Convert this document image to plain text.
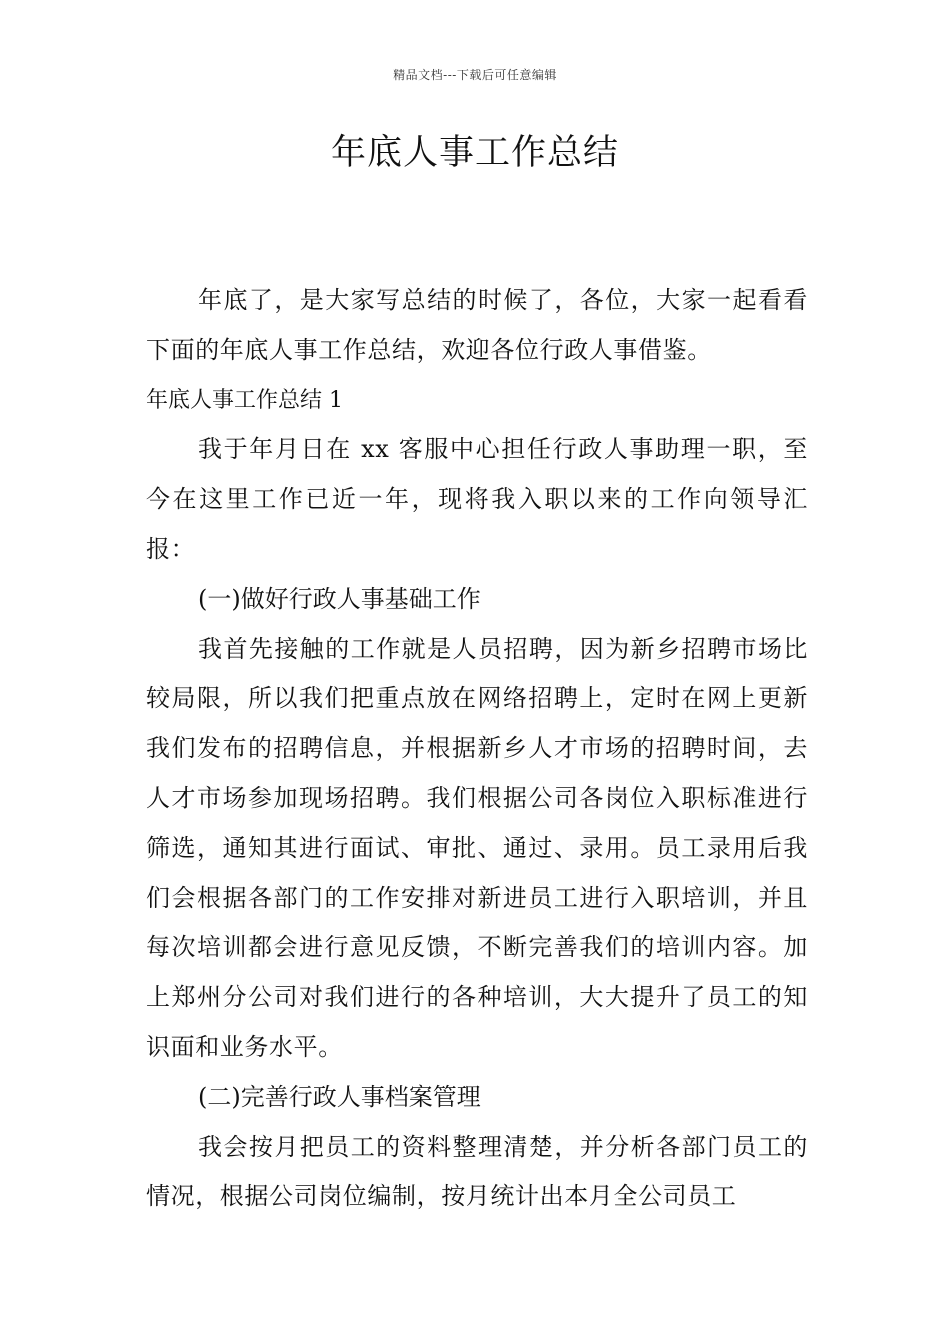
精品文档---下载后可任意编辑
年底人事工作总结

年底了，是大家写总结的时候了，各位，大家一起看看下面的年底人事工作总结，欢迎各位行政人事借鉴。

年底人事工作总结 1

我于年月日在 xx 客服中心担任行政人事助理一职，至今在这里工作已近一年，现将我入职以来的工作向领导汇报：

(一)做好行政人事基础工作

我首先接触的工作就是人员招聘，因为新乡招聘市场比较局限，所以我们把重点放在网络招聘上，定时在网上更新我们发布的招聘信息，并根据新乡人才市场的招聘时间，去人才市场参加现场招聘。我们根据公司各岗位入职标准进行筛选，通知其进行面试、审批、通过、录用。员工录用后我们会根据各部门的工作安排对新进员工进行入职培训，并且每次培训都会进行意见反馈，不断完善我们的培训内容。加上郑州分公司对我们进行的各种培训，大大提升了员工的知识面和业务水平。

(二)完善行政人事档案管理

我会按月把员工的资料整理清楚，并分析各部门员工的情况，根据公司岗位编制，按月统计出本月全公司员工
